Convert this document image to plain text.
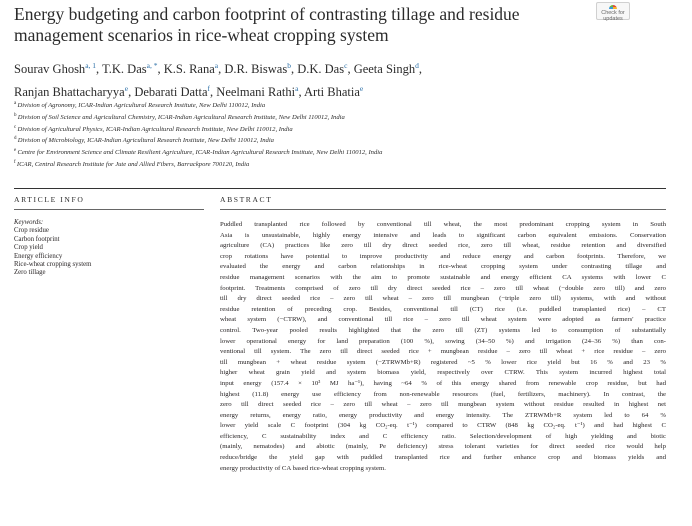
Energy budgeting and carbon footprint of contrasting tillage and residue management scenarios in rice-wheat cropping system
Check for
updates
Sourav Ghosh$^{a, 1}$, T.K. Das$^{a, *}$, K.S. Rana$^a$, D.R. Biswas$^b$, D.K. Das$^c$, Geeta Singh$^d$,
Ranjan Bhattacharyya$^e$, Debarati Datta$^f$, Neelmani Rathi$^a$, Arti Bhatia$^e$
$^a$ Division of Agronomy, ICAR-Indian Agricultural Research Institute, New Delhi 110012, India
$^b$ Division of Soil Science and Agricultural Chemistry, ICAR-Indian Agricultural Research Institute, New Delhi 110012, India
$^c$ Division of Agricultural Physics, ICAR-Indian Agricultural Research Institute, New Delhi 110012, India
$^d$ Division of Microbiology, ICAR-Indian Agricultural Research Institute, New Delhi 110012, India
$^e$ Centre for Environment Science and Climate Resilient Agriculture, ICAR-Indian Agricultural Research Institute, New Delhi 110012, India
$^f$ ICAR, Central Research Institute for Jute and Allied Fibers, Barrackpore 700120, India
ARTICLE INFO	ABSTRACT
Keywords:
Crop residue
Carbon footprint
Crop yield
Energy efficiency
Rice-wheat cropping system
Zero tillage
Puddled transplanted rice followed by conventional till wheat, the most predominant cropping system in South
Asia is unsustainable, highly energy intensive and leads to significant carbon equivalent emissions. Conservation
agriculture (CA) practices like zero till dry direct seeded rice, zero till wheat, residue retention and diversified
crop rotations have potential to improve productivity and reduce energy and carbon footprints. Therefore, we
evaluated the energy and carbon relationships in rice-wheat cropping system under contrasting tillage and
residue management scenarios with the aim to promote sustainable and energy efficient CA systems with lower C
footprint. Treatments comprised of zero till dry direct seeded rice – zero till wheat (−double zero till) and zero
till dry direct seeded rice – zero till wheat – zero till mungbean (−triple zero till) systems, with and without
residue retention of preceding crop. Besides, conventional till (CT) rice (i.e. puddled transplanted rice) – CT
wheat system (−CTRW), and conventional till rice – zero till wheat system were adopted as farmers' practice
control. Two-year pooled results highlighted that the zero till (ZT) systems led to consumption of substantially
lower operational energy for land preparation (100 %), sowing (34–50 %) and irrigation (24–36 %) than con-
ventional till system. The zero till direct seeded rice + mungbean residue – zero till wheat + rice residue – zero
till mungbean + wheat residue system (−ZTRWMb+R) registered ~5 % lower rice yield but 16 % and 23 %
higher wheat grain yield and system biomass yield, respectively over CTRW. This system incurred highest total
input energy (157.4 × 10³ MJ ha⁻¹), having ~64 % of this energy shared from renewable crop residue, but had
highest (11.8) energy use efficiency from non-renewable resources (fuel, fertilizers, machinery). In contrast, the
zero till direct seeded rice – zero till wheat – zero till mungbean system without residue resulted in highest net
energy returns, energy ratio, energy productivity and energy intensity. The ZTRWMb+R system led to 64 %
lower yield scale C footprint (304 kg CO₂-eq. t⁻¹) compared to CTRW (848 kg CO₂-eq. t⁻¹) and had highest C
efficiency, C sustainability index and C efficiency ratio. Selection/development of high yielding and biotic
(mainly, nematodes) and abiotic (mainly, Pe deficiency) stress tolerant varieties for direct seeded rice would help
reduce/bridge the yield gap with puddled transplanted rice and further enhance crop and biomass yields and
energy productivity of CA based rice-wheat cropping system.
